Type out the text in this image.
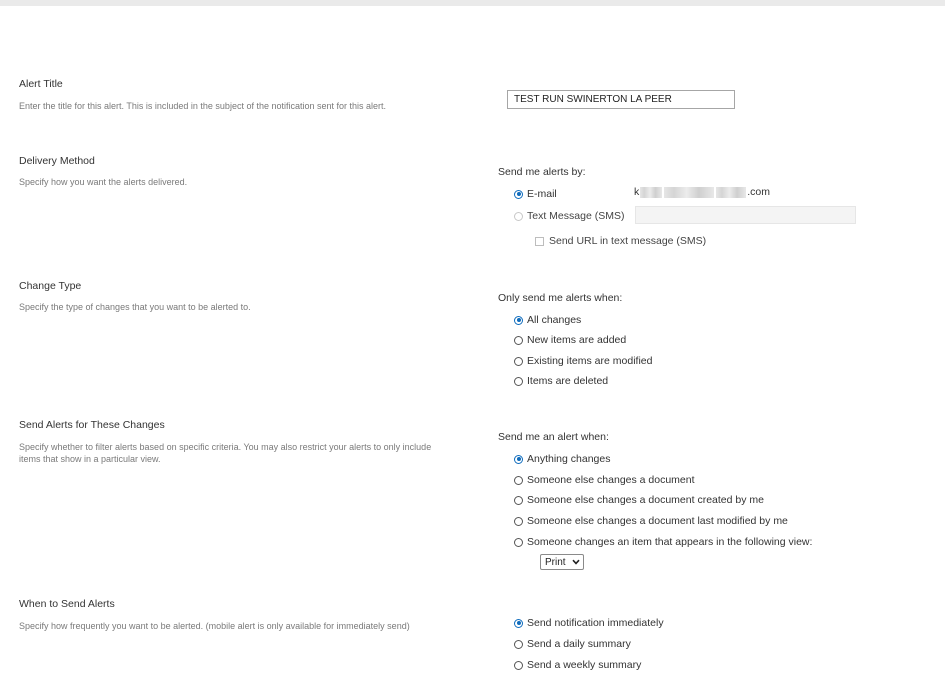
Alert Title

Enter the title for this alert. This is included in the subject of the notification sent for this alert.

TEST RUN SWINERTON LA PEER

Delivery Method

Specify how you want the alerts delivered.

Send me alerts by:
E-mail	k	.com
Text Message (SMS)
Send URL in text message (SMS)

Change Type

Specify the type of changes that you want to be alerted to.

Only send me alerts when:
All changes
New items are added
Existing items are modified
Items are deleted

Send Alerts for These Changes

Specify whether to filter alerts based on specific criteria. You may also restrict your alerts to only include items that show in a particular view.

Send me an alert when:
Anything changes
Someone else changes a document
Someone else changes a document created by me
Someone else changes a document last modified by me
Someone changes an item that appears in the following view:
Print

When to Send Alerts

Specify how frequently you want to be alerted. (mobile alert is only available for immediately send)	Send notification immediately
Send a daily summary
Send a weekly summary
